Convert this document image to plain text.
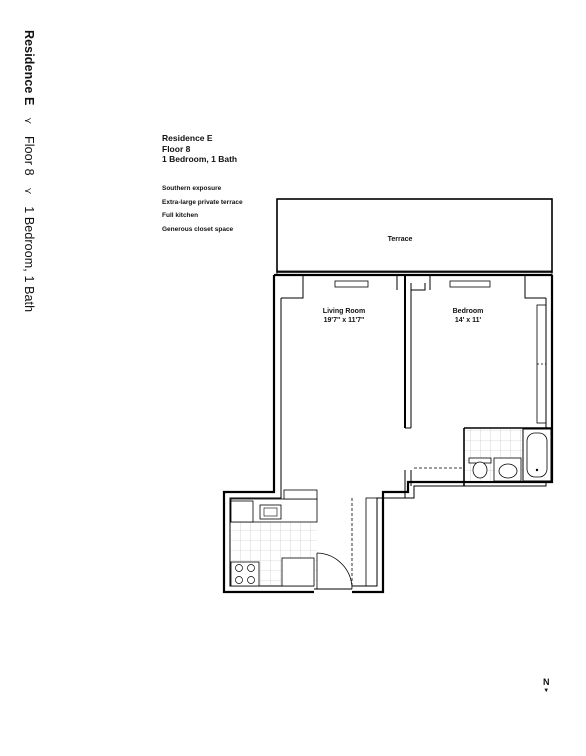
Residence E ⋎ Floor 8 ⋎ 1 Bedroom, 1 Bath
Residence E
Floor 8
1 Bedroom, 1 Bath
Southern exposure
Extra-large private terrace
Full kitchen
Generous closet space
Terrace
Living Room
19'7" x 11'7"
Bedroom
14' x 11'
N
▼
